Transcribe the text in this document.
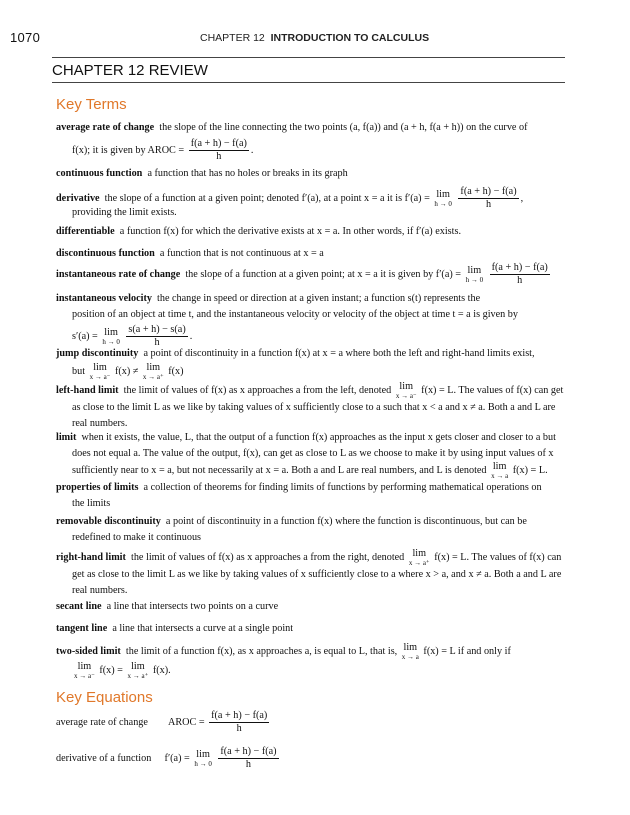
1070	CHAPTER 12 INTRODUCTION TO CALCULUS
CHAPTER 12 REVIEW
Key Terms
average rate of change the slope of the line connecting the two points (a, f(a)) and (a + h, f(a + h)) on the curve of
f(x); it is given by AROC = $\frac{f(a + h) - f(a)}{h}$ .
continuous function a function that has no holes or breaks in its graph
derivative the slope of a function at a given point; denoted f′(a), at a point x = a it is f′(a) = lim
h → 0
$\frac{f(a + h) - f(a)}{h}$ ,
providing the limit exists.
differentiable a function f(x) for which the derivative exists at x = a. In other words, if f′(a) exists.
discontinuous function a function that is not continuous at x = a
instantaneous rate of change the slope of a function at a given point; at x = a it is given by f′(a) = lim
h → 0
$\frac{f(a + h) - f(a)}{h}$
instantaneous velocity the change in speed or direction at a given instant; a function s(t) represents the
position of an object at time t, and the instantaneous velocity or velocity of the object at time t = a is given by
s′(a) = lim
h → 0
$\frac{s(a + h) - s(a)}{h}$ .
jump discontinuity a point of discontinuity in a function f(x) at x = a where both the left and right-hand limits exist,
but lim
x → a⁻
f(x) ≠ lim
x → a⁺
f(x)
left-hand limit the limit of values of f(x) as x approaches a from the left, denoted lim
x → a⁻
f(x) = L. The values of f(x) can get
as close to the limit L as we like by taking values of x sufficiently close to a such that x < a and x ≠ a. Both a and L are
real numbers.
limit when it exists, the value, L, that the output of a function f(x) approaches as the input x gets closer and closer to a but
does not equal a. The value of the output, f(x), can get as close to L as we choose to make it by using input values of x
sufficiently near to x = a, but not necessarily at x = a. Both a and L are real numbers, and L is denoted lim
x → a
f(x) = L.
properties of limits a collection of theorems for finding limits of functions by performing mathematical operations on
the limits
removable discontinuity a point of discontinuity in a function f(x) where the function is discontinuous, but can be
redefined to make it continuous
right-hand limit the limit of values of f(x) as x approaches a from the right, denoted lim
x → a⁺
f(x) = L. The values of f(x) can
get as close to the limit L as we like by taking values of x sufficiently close to a where x > a, and x ≠ a. Both a and L are
real numbers.
secant line a line that intersects two points on a curve
tangent line a line that intersects a curve at a single point
two-sided limit the limit of a function f(x), as x approaches a, is equal to L, that is, lim
x → a
f(x) = L if and only if
lim
x → a⁻
f(x) = lim
x → a⁺
f(x).
Key Equations
average rate of change AROC = $\frac{f(a + h) - f(a)}{h}$
derivative of a function f′(a) = lim
h → 0
$\frac{f(a + h) - f(a)}{h}$
